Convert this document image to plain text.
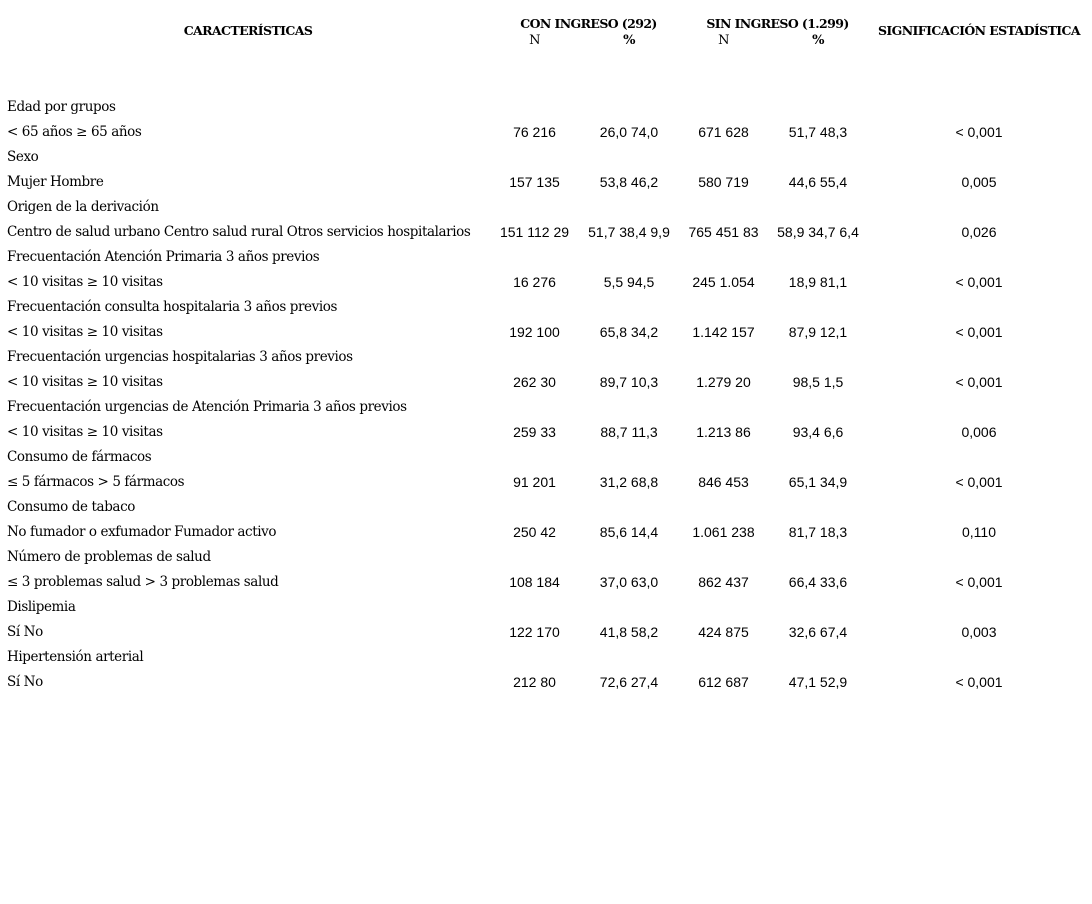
CARACTERÍSTICAS	CON INGRESO (292)		SIN INGRESO (1.299)		SIGNIFICACIÓN ESTADÍSTICA
	N	%	N	%	

Edad por grupos					
< 65 años ≥ 65 años	76 216	26,0 74,0	671 628	51,7 48,3	< 0,001
Sexo					
Mujer Hombre	157 135	53,8 46,2	580 719	44,6 55,4	0,005
Origen de la derivación					
Centro de salud urbano Centro salud rural Otros servicios hospitalarios	151 112 29	51,7 38,4 9,9	765 451 83	58,9 34,7 6,4	0,026
Frecuentación Atención Primaria 3 años previos					
< 10 visitas ≥ 10 visitas	16 276	5,5 94,5	245 1.054	18,9 81,1	< 0,001
Frecuentación consulta hospitalaria 3 años previos					
< 10 visitas ≥ 10 visitas	192 100	65,8 34,2	1.142 157	87,9 12,1	< 0,001
Frecuentación urgencias hospitalarias 3 años previos					
< 10 visitas ≥ 10 visitas	262 30	89,7 10,3	1.279 20	98,5 1,5	< 0,001
Frecuentación urgencias de Atención Primaria 3 años previos					
< 10 visitas ≥ 10 visitas	259 33	88,7 11,3	1.213 86	93,4 6,6	0,006
Consumo de fármacos					
≤ 5 fármacos > 5 fármacos	91 201	31,2 68,8	846 453	65,1 34,9	< 0,001
Consumo de tabaco					
No fumador o exfumador Fumador activo	250 42	85,6 14,4	1.061 238	81,7 18,3	0,110
Número de problemas de salud					
≤ 3 problemas salud > 3 problemas salud	108 184	37,0 63,0	862 437	66,4 33,6	< 0,001
Dislipemia					
Sí No	122 170	41,8 58,2	424 875	32,6 67,4	0,003
Hipertensión arterial					
Sí No	212 80	72,6 27,4	612 687	47,1 52,9	< 0,001
